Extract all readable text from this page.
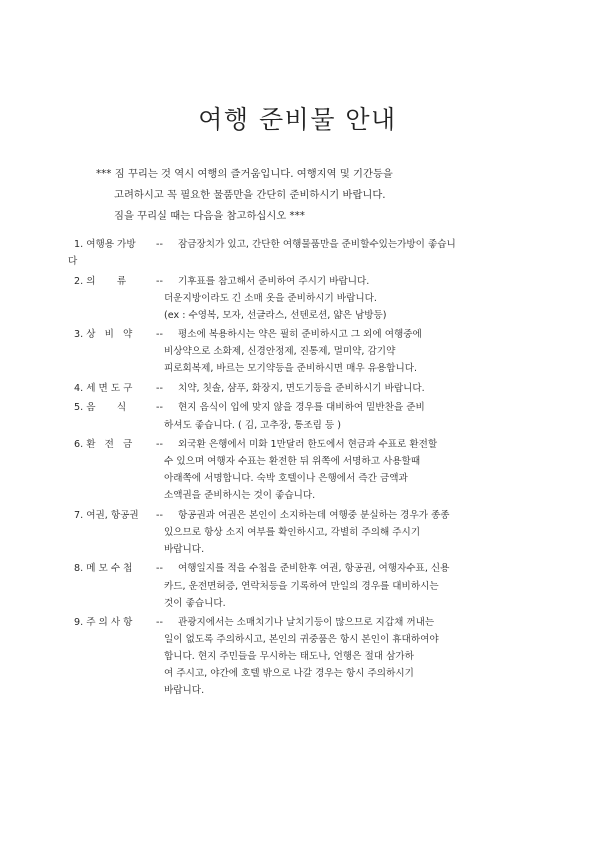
여행 준비물 안내
*** 짐 꾸리는 것 역시 여행의 즐거움입니다. 여행지역 및 기간등을
고려하시고 꼭 필요한 물품만을 간단히 준비하시기 바랍니다.
짐을 꾸리실 때는 다음을 참고하십시오 ***
1. 여행용 가방 -- 잠금장치가 있고, 간단한 여행물품만을 준비할수있는가방이 좋습니
다
2. 의       류	-- 기후표를 참고해서 준비하여 주시기 바랍니다.
더운지방이라도 긴 소매 옷을 준비하시기 바랍니다.
(ex : 수영복, 모자, 선글라스, 선텐로션, 얇은 남방등)
3. 상   비   약 -- 평소에 복용하시는 약은 필히 준비하시고 그 외에 여행중에
비상약으로 소화제, 신경안정제, 진통제, 멀미약, 감기약
피로회복제, 바르는 모기약등을 준비하시면 매우 유용합니다.
4. 세 면 도 구 -- 치약, 칫솔, 샴푸, 화장지, 면도기등을 준비하시기 바랍니다.
5. 음       식	-- 현지 음식이 입에 맞지 않을 경우를 대비하여 밑반찬을 준비
하셔도 좋습니다. ( 김, 고추장, 통조림 등 )
6. 환   전   금 -- 외국환 은행에서 미화 1만달러 한도에서 현금과 수표로 환전할
수 있으며 여행자 수표는 환전한 뒤 위쪽에 서명하고 사용할때
아래쪽에 서명합니다. 숙박 호텔이나 은행에서 즉간 금액과
소액권을 준비하시는 것이 좋습니다.
7. 여권, 항공권 -- 항공권과 여권은 본인이 소지하는데 여행중 분실하는 경우가 종종
있으므로 항상 소지 여부를 확인하시고, 각별히 주의해 주시기
바랍니다.
8. 메 모 수 첩 -- 여행일지를 적을 수첩을 준비한후 여권, 항공권, 여행자수표, 신용
카드, 운전면허증, 연락처등을 기록하여 만일의 경우를 대비하시는
것이 좋습니다.
9. 주 의 사 항 -- 관광지에서는 소매치기나 날치기등이 많으므로 지갑채 꺼내는
일이 없도록 주의하시고, 본인의 귀중품은 항시 본인이 휴대하여야
합니다. 현지 주민들을 무시하는 태도나, 언행은 절대 삼가하
여 주시고, 야간에 호텔 밖으로 나갈 경우는 항시 주의하시기
바랍니다.
